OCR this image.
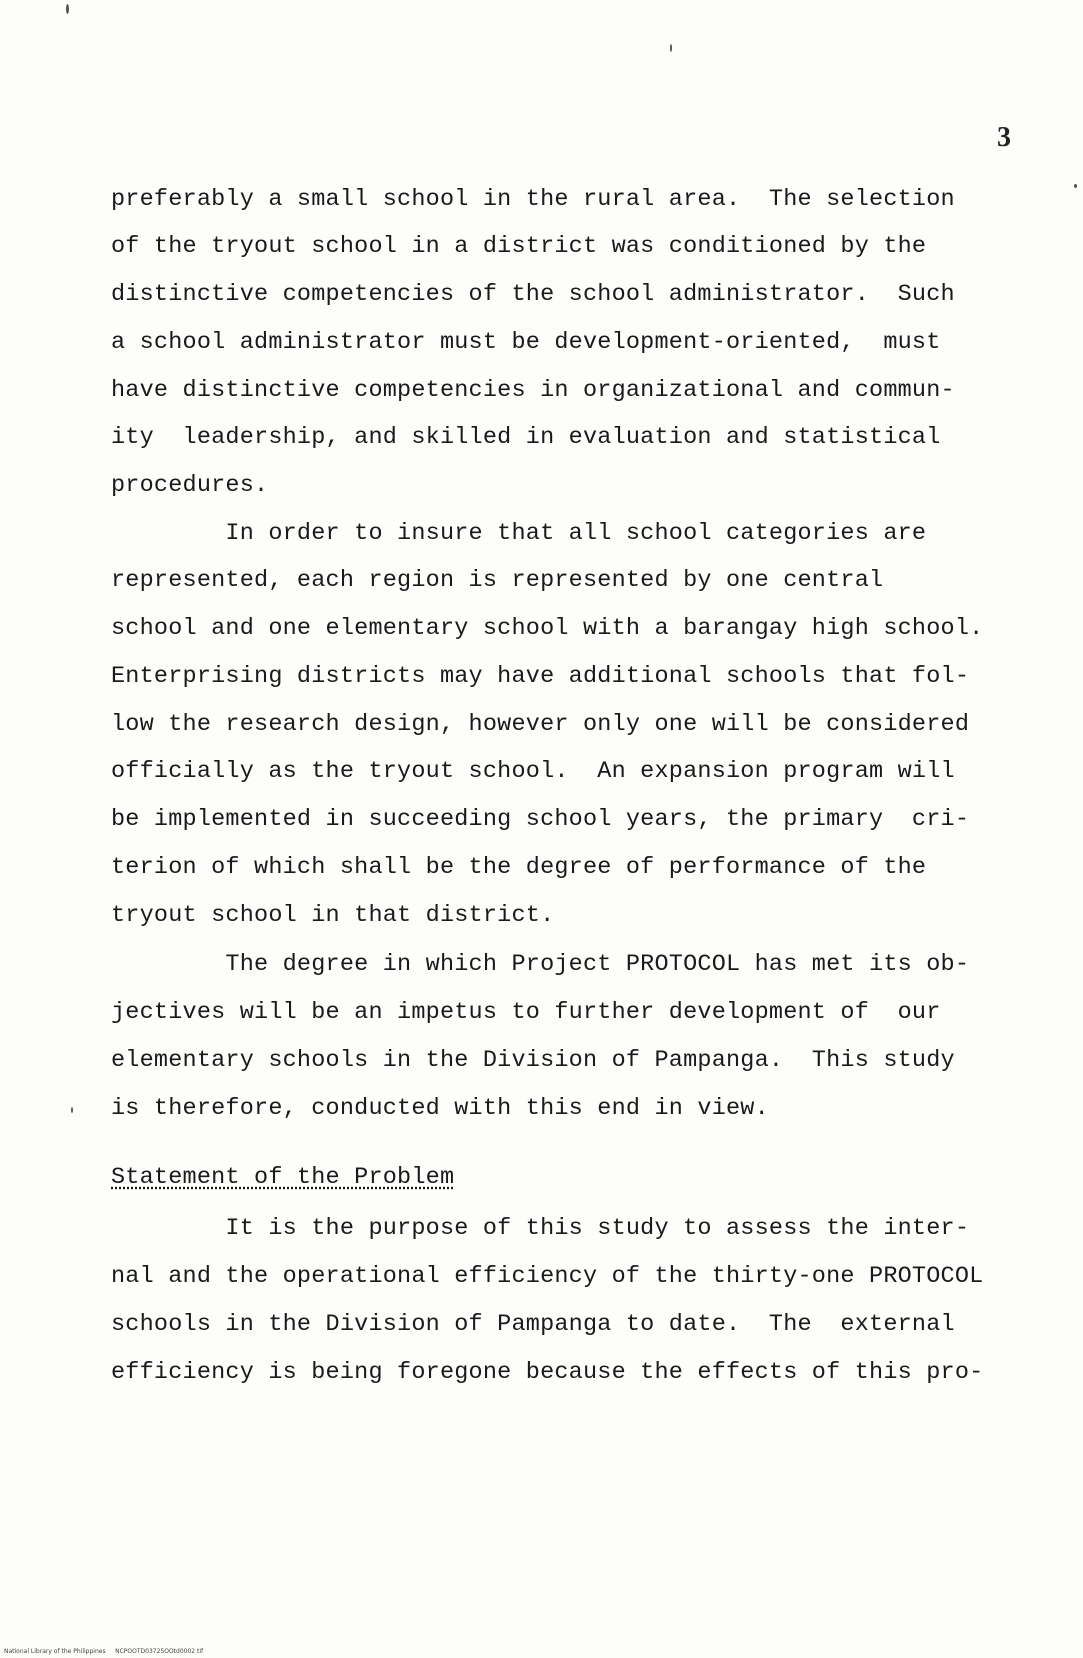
3
preferably a small school in the rural area.  The selection
of the tryout school in a district was conditioned by the
distinctive competencies of the school administrator.  Such
a school administrator must be development-oriented,  must
have distinctive competencies in organizational and commun-
ity  leadership, and skilled in evaluation and statistical
procedures.
In order to insure that all school categories are
represented, each region is represented by one central
school and one elementary school with a barangay high school.
Enterprising districts may have additional schools that fol-
low the research design, however only one will be considered
officially as the tryout school.  An expansion program will
be implemented in succeeding school years, the primary  cri-
terion of which shall be the degree of performance of the
tryout school in that district.
The degree in which Project PROTOCOL has met its ob-
jectives will be an impetus to further development of  our
elementary schools in the Division of Pampanga.  This study
is therefore, conducted with this end in view.
Statement of the Problem
It is the purpose of this study to assess the inter-
nal and the operational efficiency of the thirty-one PROTOCOL
schools in the Division of Pampanga to date.  The  external
efficiency is being foregone because the effects of this pro-
National Library of the Philippines     NCPOOTD03725OOtd0002 tif
